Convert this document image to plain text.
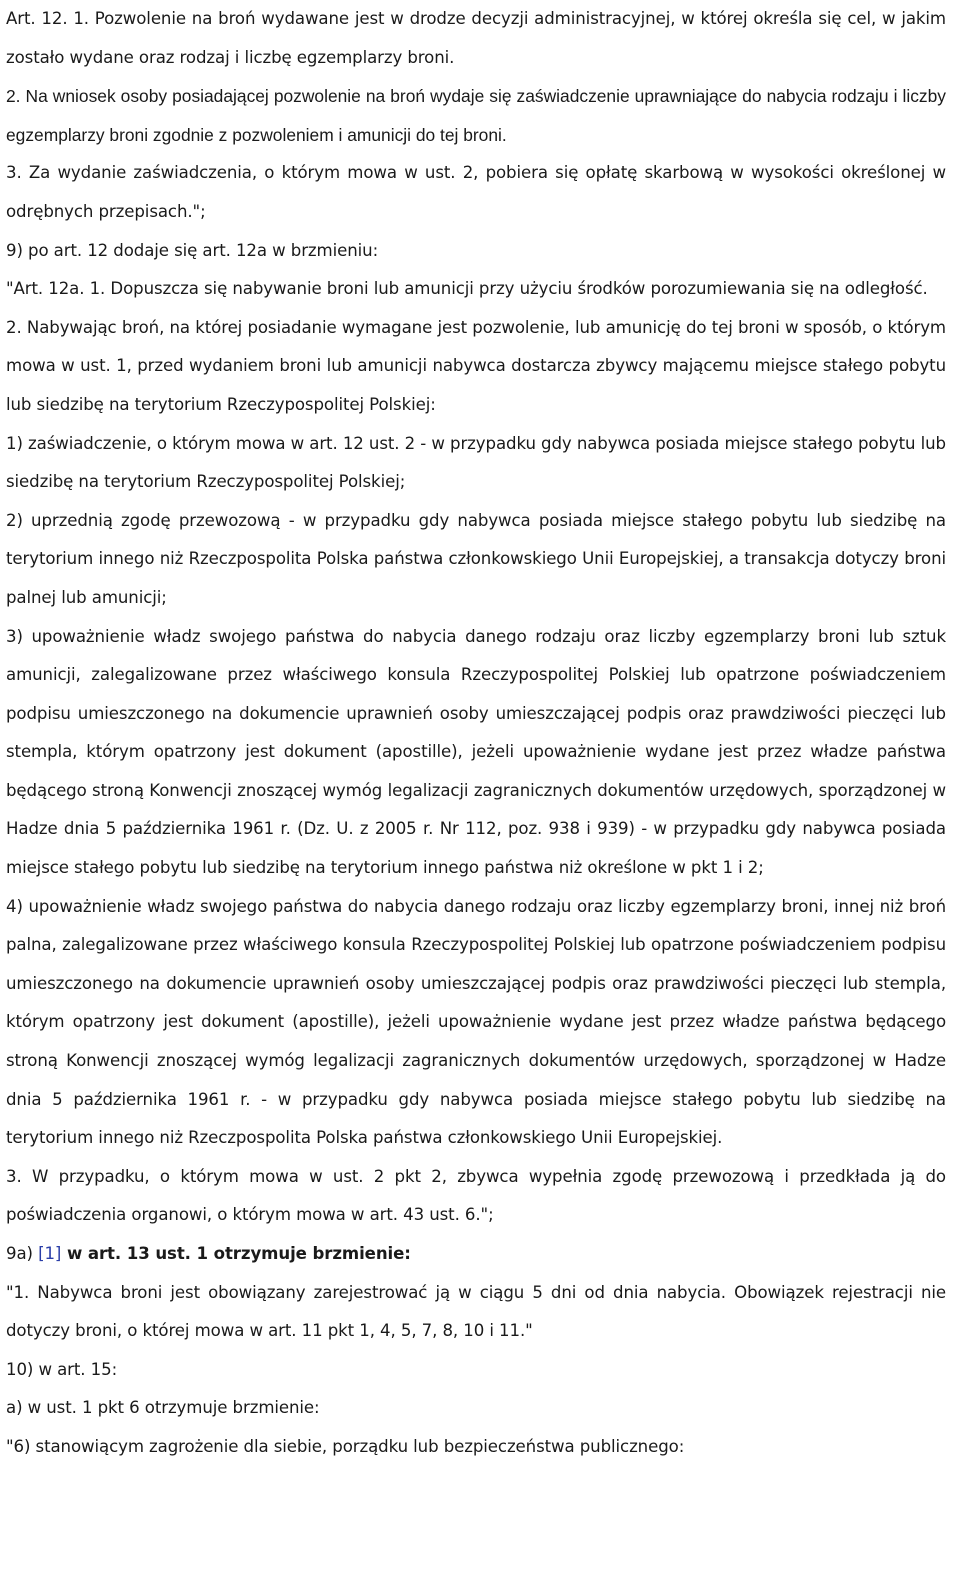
Art. 12. 1. Pozwolenie na broń wydawane jest w drodze decyzji administracyjnej, w której określa się cel, w jakim zostało wydane oraz rodzaj i liczbę egzemplarzy broni.

2. Na wniosek osoby posiadającej pozwolenie na broń wydaje się zaświadczenie uprawniające do nabycia rodzaju i liczby egzemplarzy broni zgodnie z pozwoleniem i amunicji do tej broni.

3. Za wydanie zaświadczenia, o którym mowa w ust. 2, pobiera się opłatę skarbową w wysokości określonej w odrębnych przepisach.";

9) po art. 12 dodaje się art. 12a w brzmieniu:

"Art. 12a. 1. Dopuszcza się nabywanie broni lub amunicji przy użyciu środków porozumiewania się na odległość.

2. Nabywając broń, na której posiadanie wymagane jest pozwolenie, lub amunicję do tej broni w sposób, o którym mowa w ust. 1, przed wydaniem broni lub amunicji nabywca dostarcza zbywcy mającemu miejsce stałego pobytu lub siedzibę na terytorium Rzeczypospolitej Polskiej:

1) zaświadczenie, o którym mowa w art. 12 ust. 2 - w przypadku gdy nabywca posiada miejsce stałego pobytu lub siedzibę na terytorium Rzeczypospolitej Polskiej;

2) uprzednią zgodę przewozową - w przypadku gdy nabywca posiada miejsce stałego pobytu lub siedzibę na terytorium innego niż Rzeczpospolita Polska państwa członkowskiego Unii Europejskiej, a transakcja dotyczy broni palnej lub amunicji;

3) upoważnienie władz swojego państwa do nabycia danego rodzaju oraz liczby egzemplarzy broni lub sztuk amunicji, zalegalizowane przez właściwego konsula Rzeczypospolitej Polskiej lub opatrzone poświadczeniem podpisu umieszczonego na dokumencie uprawnień osoby umieszczającej podpis oraz prawdziwości pieczęci lub stempla, którym opatrzony jest dokument (apostille), jeżeli upoważnienie wydane jest przez władze państwa będącego stroną Konwencji znoszącej wymóg legalizacji zagranicznych dokumentów urzędowych, sporządzonej w Hadze dnia 5 października 1961 r. (Dz. U. z 2005 r. Nr 112, poz. 938 i 939) - w przypadku gdy nabywca posiada miejsce stałego pobytu lub siedzibę na terytorium innego państwa niż określone w pkt 1 i 2;

4) upoważnienie władz swojego państwa do nabycia danego rodzaju oraz liczby egzemplarzy broni, innej niż broń palna, zalegalizowane przez właściwego konsula Rzeczypospolitej Polskiej lub opatrzone poświadczeniem podpisu umieszczonego na dokumencie uprawnień osoby umieszczającej podpis oraz prawdziwości pieczęci lub stempla, którym opatrzony jest dokument (apostille), jeżeli upoważnienie wydane jest przez władze państwa będącego stroną Konwencji znoszącej wymóg legalizacji zagranicznych dokumentów urzędowych, sporządzonej w Hadze dnia 5 października 1961 r. - w przypadku gdy nabywca posiada miejsce stałego pobytu lub siedzibę na terytorium innego niż Rzeczpospolita Polska państwa członkowskiego Unii Europejskiej.

3. W przypadku, o którym mowa w ust. 2 pkt 2, zbywca wypełnia zgodę przewozową i przedkłada ją do poświadczenia organowi, o którym mowa w art. 43 ust. 6.";

9a) [1] w art. 13 ust. 1 otrzymuje brzmienie:

"1. Nabywca broni jest obowiązany zarejestrować ją w ciągu 5 dni od dnia nabycia. Obowiązek rejestracji nie dotyczy broni, o której mowa w art. 11 pkt 1, 4, 5, 7, 8, 10 i 11."

10) w art. 15:

a) w ust. 1 pkt 6 otrzymuje brzmienie:

"6) stanowiącym zagrożenie dla siebie, porządku lub bezpieczeństwa publicznego:
